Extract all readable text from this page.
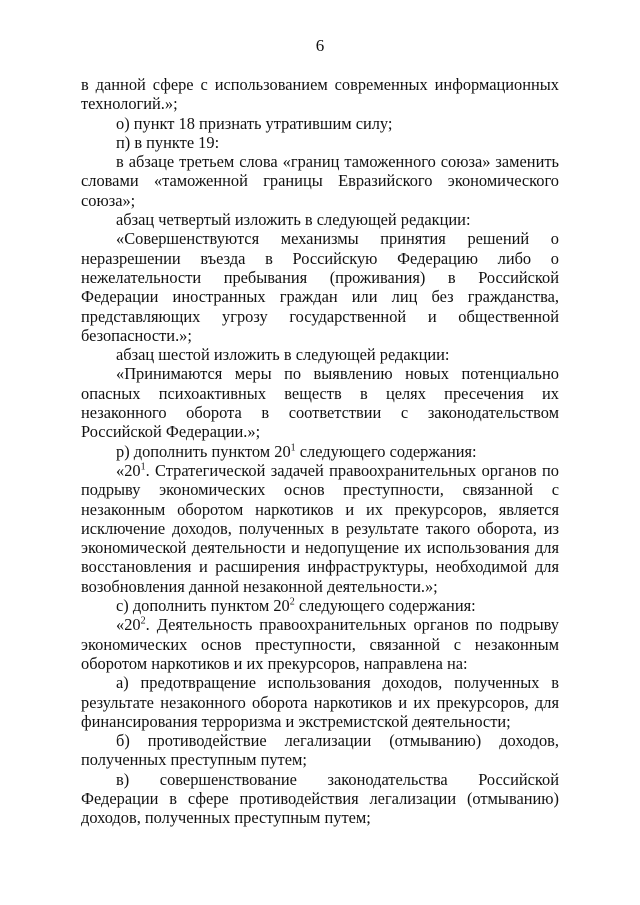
6

в данной сфере с использованием современных информационных технологий.»;

о) пункт 18 признать утратившим силу;

п) в пункте 19:

в абзаце третьем слова «границ таможенного союза» заменить словами «таможенной границы Евразийского экономического союза»;

абзац четвертый изложить в следующей редакции:

«Совершенствуются механизмы принятия решений о неразрешении въезда в Российскую Федерацию либо о нежелательности пребывания (проживания) в Российской Федерации иностранных граждан или лиц без гражданства, представляющих угрозу государственной и общественной безопасности.»;

абзац шестой изложить в следующей редакции:

«Принимаются меры по выявлению новых потенциально опасных психоактивных веществ в целях пресечения их незаконного оборота в соответствии с законодательством Российской Федерации.»;

р) дополнить пунктом $20^1$ следующего содержания:

«$20^1$. Стратегической задачей правоохранительных органов по подрыву экономических основ преступности, связанной с незаконным оборотом наркотиков и их прекурсоров, является исключение доходов, полученных в результате такого оборота, из экономической деятельности и недопущение их использования для восстановления и расширения инфраструктуры, необходимой для возобновления данной незаконной деятельности.»;

с) дополнить пунктом $20^2$ следующего содержания:

«$20^2$. Деятельность правоохранительных органов по подрыву экономических основ преступности, связанной с незаконным оборотом наркотиков и их прекурсоров, направлена на:

а) предотвращение использования доходов, полученных в результате незаконного оборота наркотиков и их прекурсоров, для финансирования терроризма и экстремистской деятельности;

б) противодействие легализации (отмыванию) доходов, полученных преступным путем;

в) совершенствование законодательства Российской Федерации в сфере противодействия легализации (отмыванию) доходов, полученных преступным путем;
